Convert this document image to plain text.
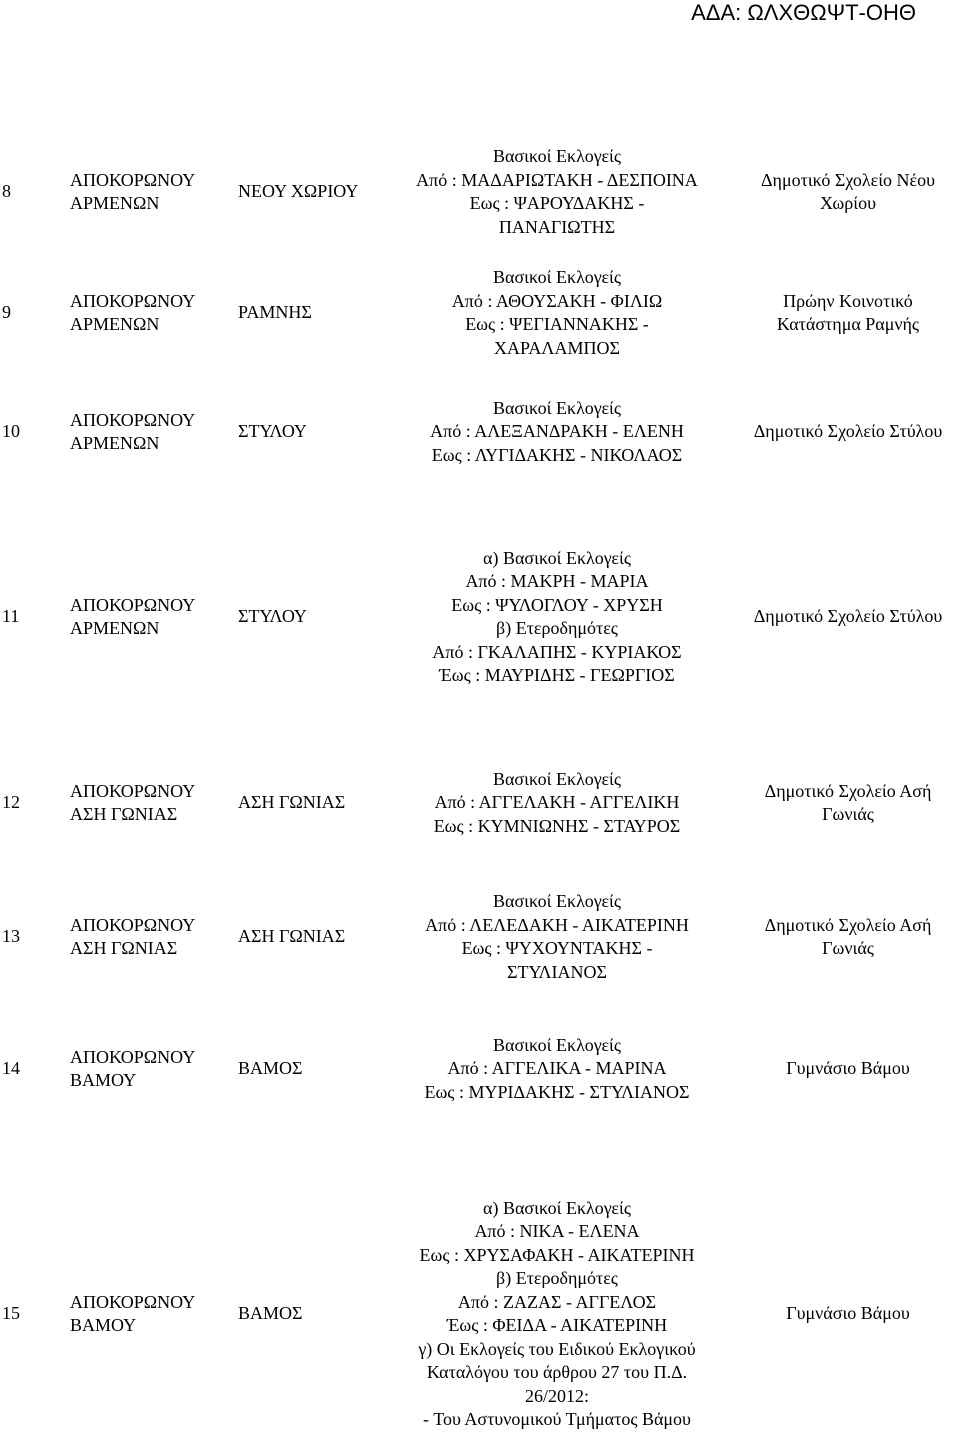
ΑΔΑ: ΩΛΧΘΩΨΤ-ΟΗΘ
8
ΑΠΟΚΟΡΩΝΟΥ
ΑΡΜΕΝΩΝ
ΝΕΟΥ ΧΩΡΙΟΥ
Βασικοί Εκλογείς
Από : ΜΑΔΑΡΙΩΤΑΚΗ - ΔΕΣΠΟΙΝΑ
Εως : ΨΑΡΟΥΔΑΚΗΣ -
ΠΑΝΑΓΙΩΤΗΣ
Δημοτικό Σχολείο Νέου
Χωρίου
9
ΑΠΟΚΟΡΩΝΟΥ
ΑΡΜΕΝΩΝ
ΡΑΜΝΗΣ
Βασικοί Εκλογείς
Από : ΑΘΟΥΣΑΚΗ - ΦΙΛΙΩ
Εως : ΨΕΓΙΑΝΝΑΚΗΣ -
ΧΑΡΑΛΑΜΠΟΣ
Πρώην Κοινοτικό
Κατάστημα Ραμνής
10
ΑΠΟΚΟΡΩΝΟΥ
ΑΡΜΕΝΩΝ
ΣΤΥΛΟΥ
Βασικοί Εκλογείς
Από : ΑΛΕΞΑΝΔΡΑΚΗ - ΕΛΕΝΗ
Εως : ΛΥΓΙΔΑΚΗΣ - ΝΙΚΟΛΑΟΣ
Δημοτικό Σχολείο Στύλου
11
ΑΠΟΚΟΡΩΝΟΥ
ΑΡΜΕΝΩΝ
ΣΤΥΛΟΥ
α) Βασικοί Εκλογείς
Από : ΜΑΚΡΗ - ΜΑΡΙΑ
Εως : ΨΥΛΟΓΛΟΥ - ΧΡΥΣΗ
β) Ετεροδημότες
Από : ΓΚΑΛΑΠΗΣ - ΚΥΡΙΑΚΟΣ
Έως : ΜΑΥΡΙΔΗΣ - ΓΕΩΡΓΙΟΣ
Δημοτικό Σχολείο Στύλου
12
ΑΠΟΚΟΡΩΝΟΥ
ΑΣΗ ΓΩΝΙΑΣ
ΑΣΗ ΓΩΝΙΑΣ
Βασικοί Εκλογείς
Από : ΑΓΓΕΛΑΚΗ - ΑΓΓΕΛΙΚΗ
Εως : ΚΥΜΝΙΩΝΗΣ - ΣΤΑΥΡΟΣ
Δημοτικό Σχολείο Ασή
Γωνιάς
13
ΑΠΟΚΟΡΩΝΟΥ
ΑΣΗ ΓΩΝΙΑΣ
ΑΣΗ ΓΩΝΙΑΣ
Βασικοί Εκλογείς
Από : ΛΕΛΕΔΑΚΗ - ΑΙΚΑΤΕΡΙΝΗ
Εως : ΨΥΧΟΥΝΤΑΚΗΣ -
ΣΤΥΛΙΑΝΟΣ
Δημοτικό Σχολείο Ασή
Γωνιάς
14
ΑΠΟΚΟΡΩΝΟΥ
ΒΑΜΟΥ
ΒΑΜΟΣ
Βασικοί Εκλογείς
Από : ΑΓΓΕΛΙΚΑ - ΜΑΡΙΝΑ
Εως : ΜΥΡΙΔΑΚΗΣ - ΣΤΥΛΙΑΝΟΣ
Γυμνάσιο Βάμου
15
ΑΠΟΚΟΡΩΝΟΥ
ΒΑΜΟΥ
ΒΑΜΟΣ
α) Βασικοί Εκλογείς
Από : ΝΙΚΑ - ΕΛΕΝΑ
Εως : ΧΡΥΣΑΦΑΚΗ - ΑΙΚΑΤΕΡΙΝΗ
β) Ετεροδημότες
Από : ΖΑΖΑΣ - ΑΓΓΕΛΟΣ
Έως : ΦΕΙΔΑ - ΑΙΚΑΤΕΡΙΝΗ
γ) Οι Εκλογείς του Ειδικού Εκλογικού
Καταλόγου του άρθρου 27 του Π.Δ.
26/2012:
- Του Αστυνομικού Τμήματος Βάμου
Γυμνάσιο Βάμου
